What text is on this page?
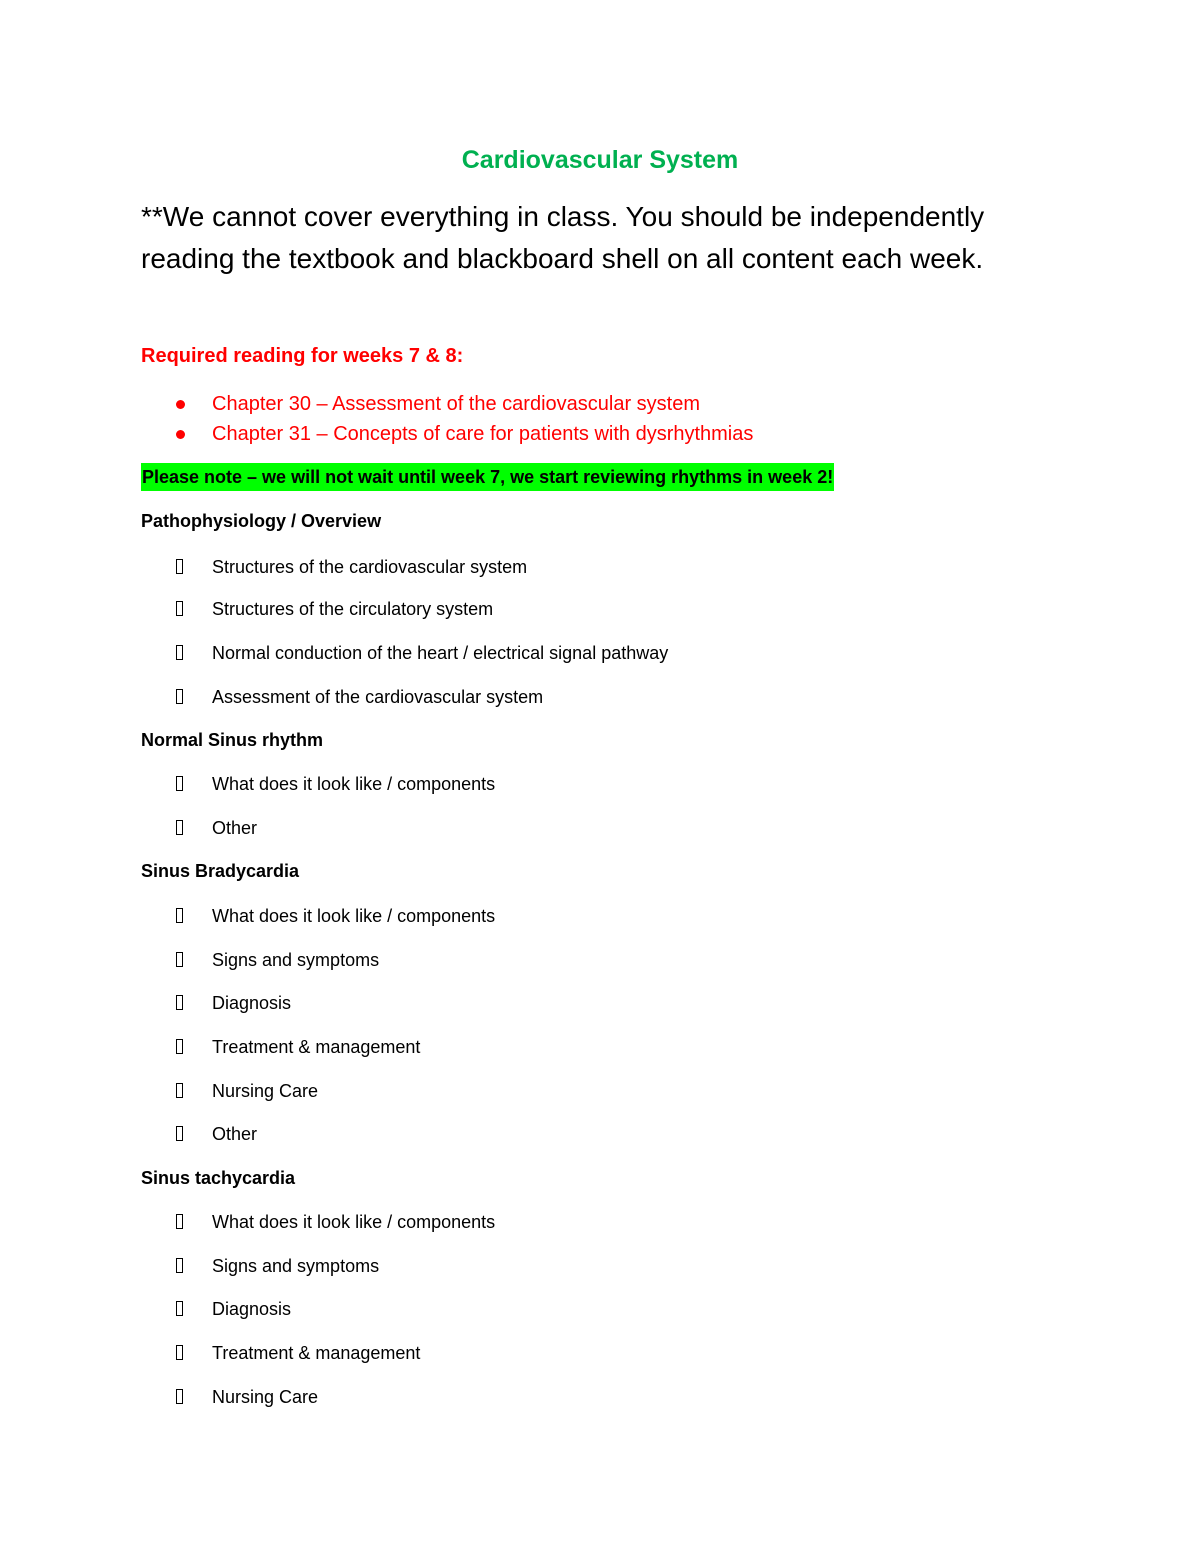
Cardiovascular System

**We cannot cover everything in class. You should be independently reading the textbook and blackboard shell on all content each week.

Required reading for weeks 7 & 8:

Chapter 30 – Assessment of the cardiovascular system
Chapter 31 – Concepts of care for patients with dysrhythmias

Please note – we will not wait until week 7, we start reviewing rhythms in week 2!

Pathophysiology / Overview

Structures of the cardiovascular system
Structures of the circulatory system
Normal conduction of the heart / electrical signal pathway
Assessment of the cardiovascular system

Normal Sinus rhythm

What does it look like / components
Other

Sinus Bradycardia

What does it look like / components
Signs and symptoms
Diagnosis
Treatment & management
Nursing Care
Other

Sinus tachycardia

What does it look like / components
Signs and symptoms
Diagnosis
Treatment & management
Nursing Care
